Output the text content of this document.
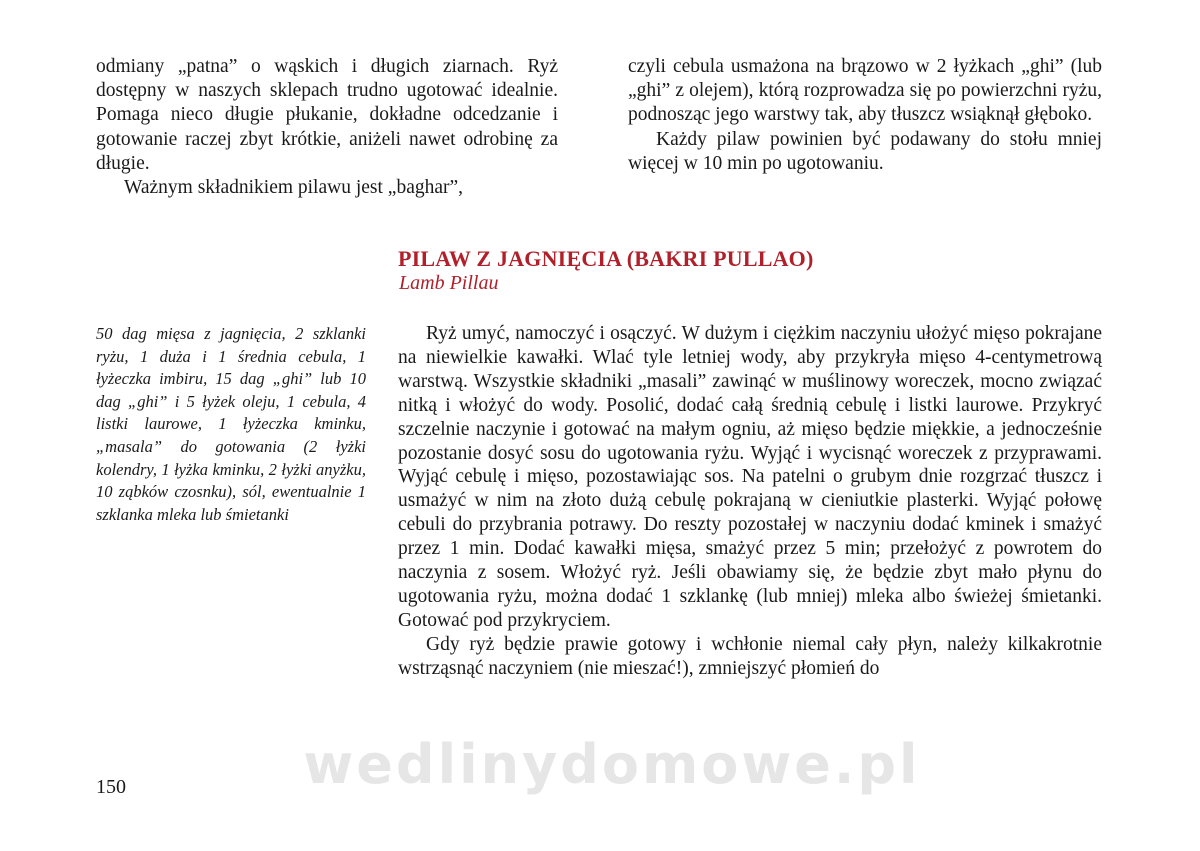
odmiany „patna” o wąskich i długich ziarnach. Ryż dostępny w naszych sklepach trudno ugotować idealnie. Pomaga nieco długie płukanie, dokładne odcedzanie i gotowanie raczej zbyt krótkie, aniżeli nawet odrobinę za długie.

Ważnym składnikiem pilawu jest „baghar”,

czyli cebula usmażona na brązowo w 2 łyżkach „ghi” (lub „ghi” z olejem), którą rozprowadza się po powierzchni ryżu, podnosząc jego warstwy tak, aby tłuszcz wsiąknął głęboko.

Każdy pilaw powinien być podawany do stołu mniej więcej w 10 min po ugotowaniu.

PILAW Z JAGNIĘCIA (BAKRI PULLAO)
Lamb Pillau
50 dag mięsa z jagnięcia, 2 szklanki ryżu, 1 duża i 1 średnia cebula, 1 łyżeczka imbiru, 15 dag „ghi” lub 10 dag „ghi” i 5 łyżek oleju, 1 cebula, 4 listki laurowe, 1 łyżeczka kminku, „masala” do gotowania (2 łyżki kolendry, 1 łyżka kminku, 2 łyżki anyżku, 10 ząbków czosnku), sól, ewentualnie 1 szklanka mleka lub śmietanki

Ryż umyć, namoczyć i osączyć. W dużym i ciężkim naczyniu ułożyć mięso pokrajane na niewielkie kawałki. Wlać tyle letniej wody, aby przykryła mięso 4-centymetrową warstwą. Wszystkie składniki „masali” zawinąć w muślinowy woreczek, mocno związać nitką i włożyć do wody. Posolić, dodać całą średnią cebulę i listki laurowe. Przykryć szczelnie naczynie i gotować na małym ogniu, aż mięso będzie miękkie, a jednocześnie pozostanie dosyć sosu do ugotowania ryżu. Wyjąć i wycisnąć woreczek z przyprawami. Wyjąć cebulę i mięso, pozostawiając sos. Na patelni o grubym dnie rozgrzać tłuszcz i usmażyć w nim na złoto dużą cebulę pokrajaną w cieniutkie plasterki. Wyjąć połowę cebuli do przybrania potrawy. Do reszty pozostałej w naczyniu dodać kminek i smażyć przez 1 min. Dodać kawałki mięsa, smażyć przez 5 min; przełożyć z powrotem do naczynia z sosem. Włożyć ryż. Jeśli obawiamy się, że będzie zbyt mało płynu do ugotowania ryżu, można dodać 1 szklankę (lub mniej) mleka albo świeżej śmietanki. Gotować pod przykryciem.

Gdy ryż będzie prawie gotowy i wchłonie niemal cały płyn, należy kilkakrotnie wstrząsnąć naczyniem (nie mieszać!), zmniejszyć płomień do

150	wedlinydomowe.pl
